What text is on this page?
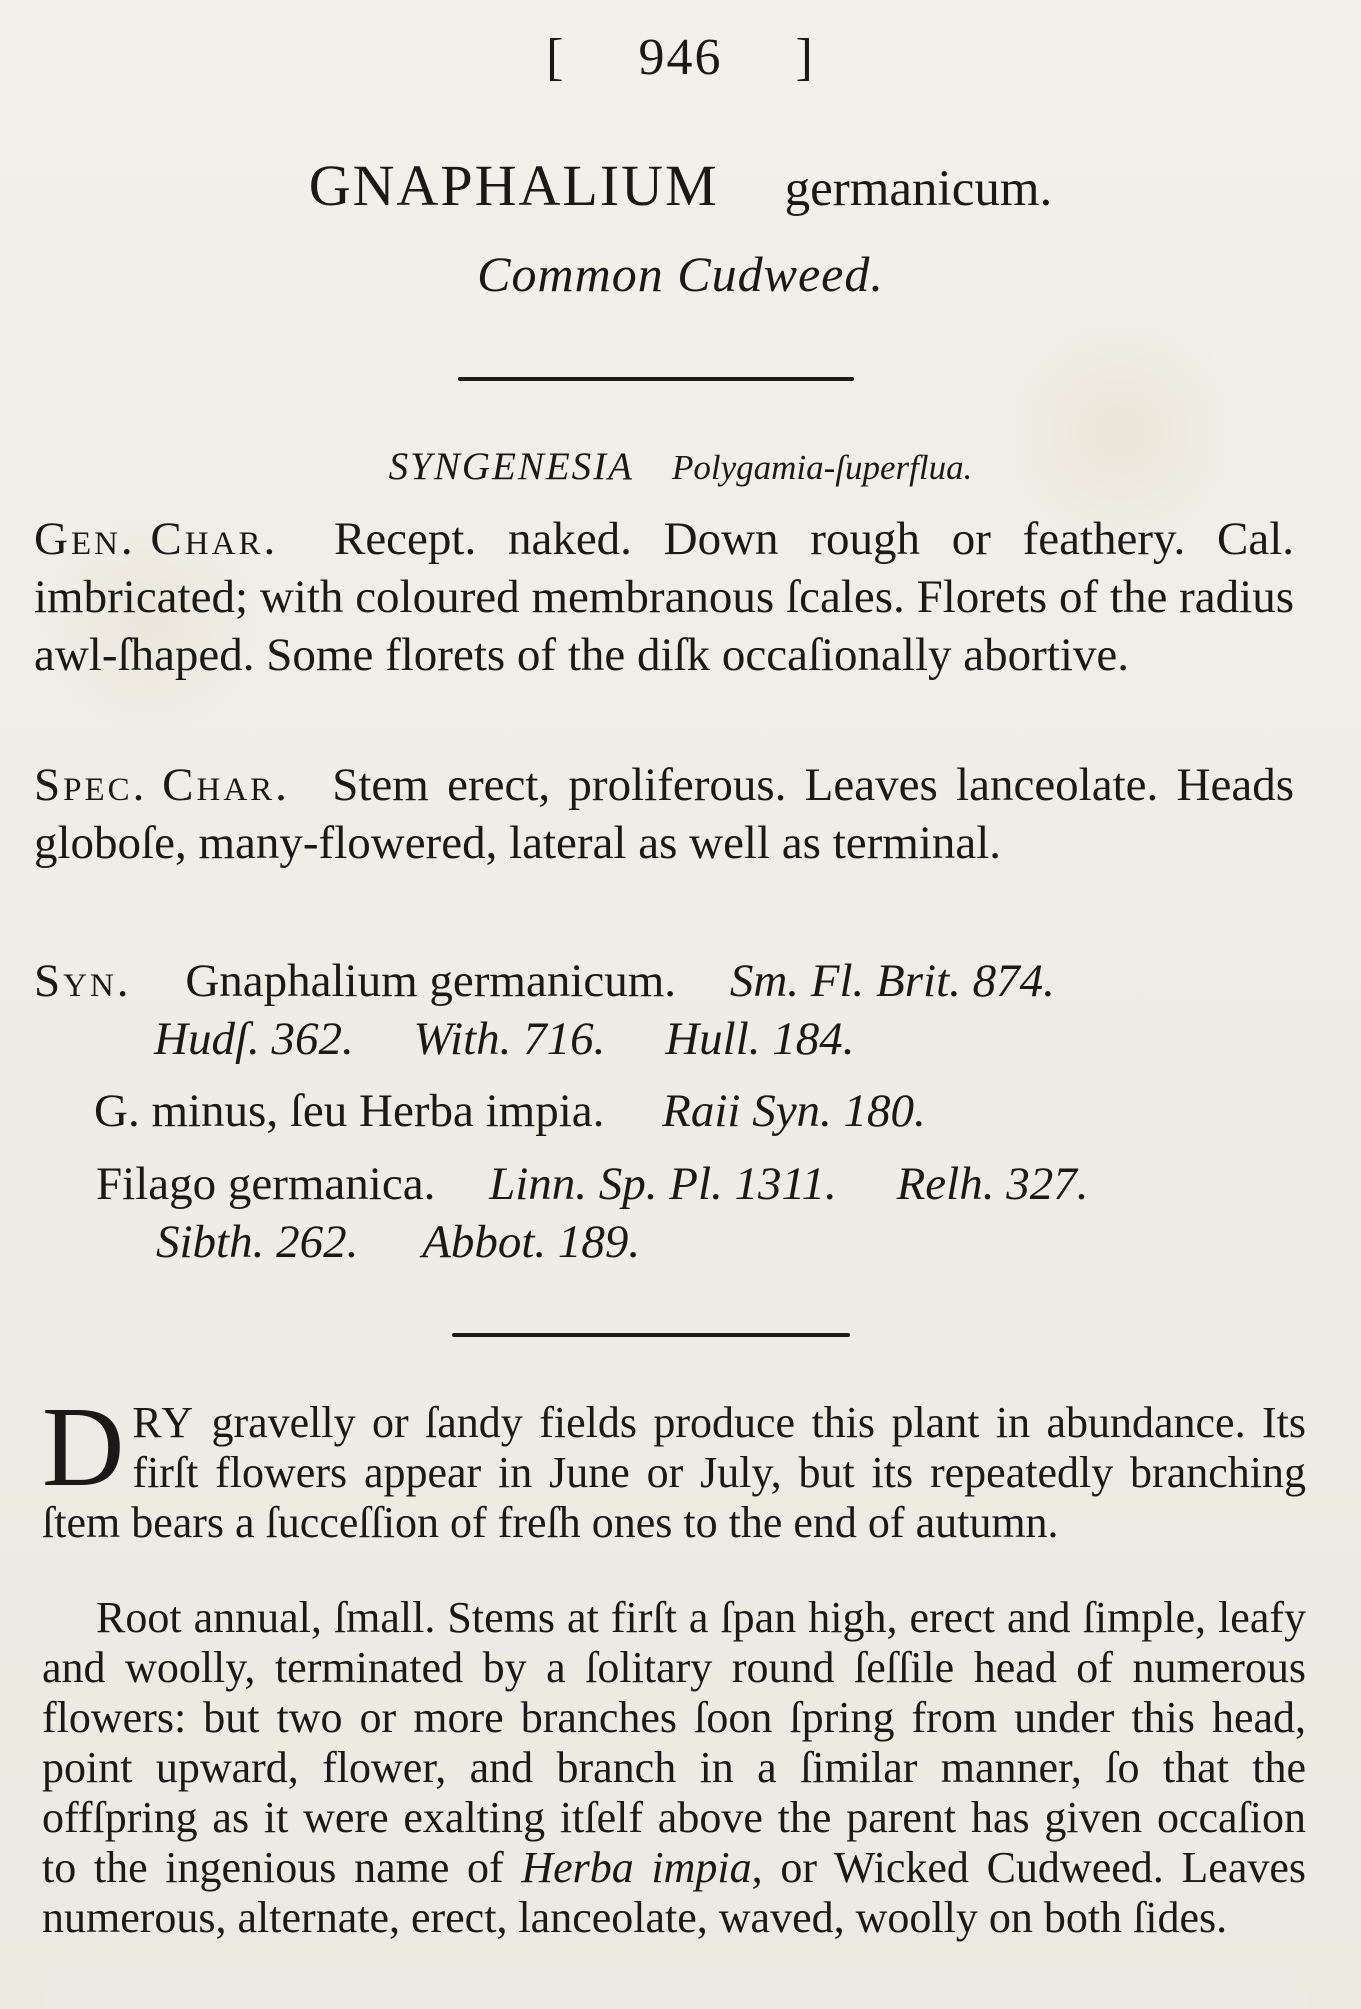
[ 946 ]
GNAPHALIUM germanicum.
Common Cudweed.
SYNGENESIA Polygamia-ſuperflua.
Gen. Char. Recept. naked. Down rough or feathery. Cal. imbricated; with coloured membranous ſcales. Florets of the radius awl-ſhaped. Some florets of the diſk occaſionally abortive.
Spec. Char. Stem erect, proliferous. Leaves lanceolate. Heads globoſe, many-flowered, lateral as well as terminal.
Syn. Gnaphalium germanicum. Sm. Fl. Brit. 874.
Hudſ. 362. With. 716. Hull. 184.
G. minus, ſeu Herba impia. Raii Syn. 180.
Filago germanica. Linn. Sp. Pl. 1311. Relh. 327.
Sibth. 262. Abbot. 189.
D RY gravelly or ſandy fields produce this plant in abundance. Its firſt flowers appear in June or July, but its repeatedly branching ſtem bears a ſucceſſion of freſh ones to the end of autumn.
Root annual, ſmall. Stems at firſt a ſpan high, erect and ſimple, leafy and woolly, terminated by a ſolitary round ſeſſile head of numerous flowers: but two or more branches ſoon ſpring from under this head, point upward, flower, and branch in a ſimilar manner, ſo that the offſpring as it were exalting itſelf above the parent has given occaſion to the ingenious name of Herba impia, or Wicked Cudweed. Leaves numerous, alternate, erect, lanceolate, waved, woolly on both ſides.
